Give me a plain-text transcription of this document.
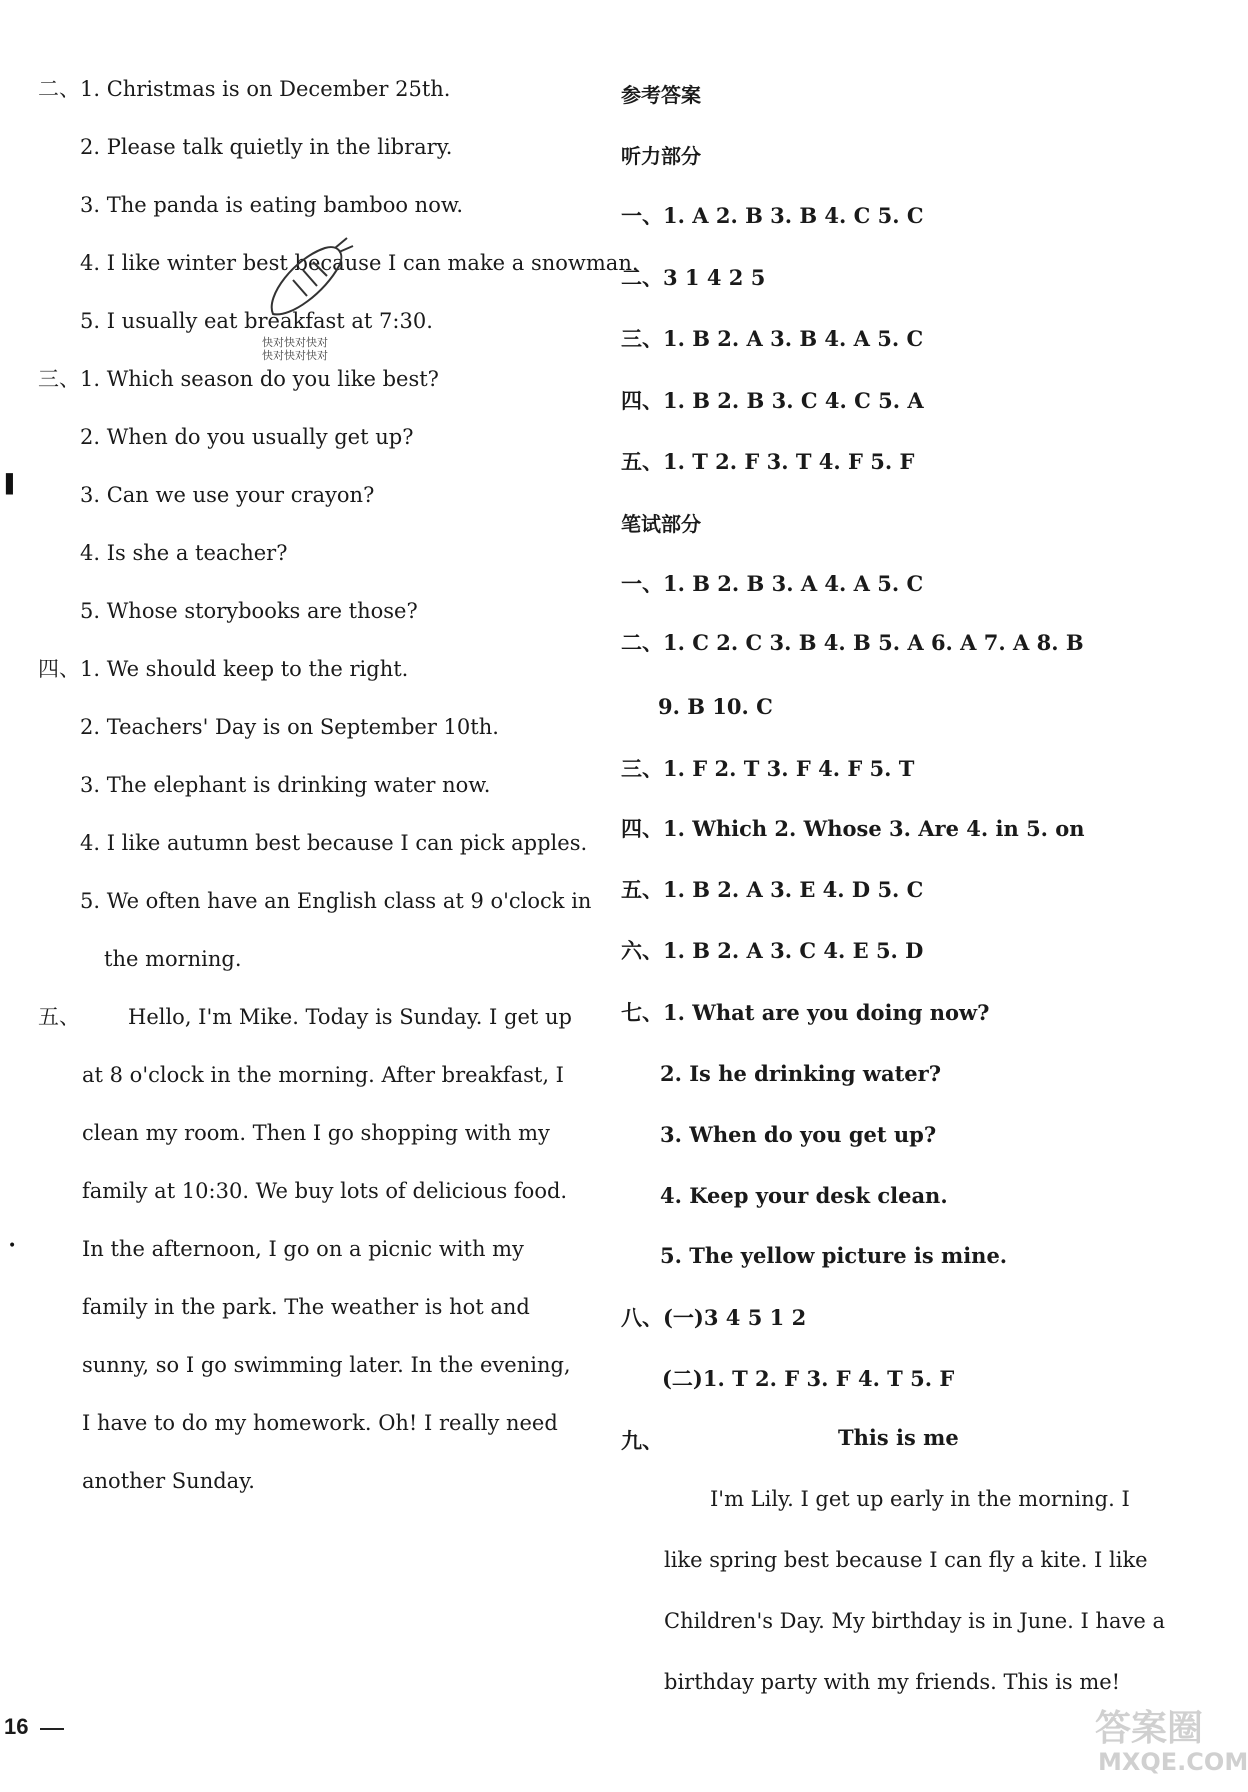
二、1. Christmas is on December 25th.
2. Please talk quietly in the library.
3. The panda is eating bamboo now.
4. I like winter best because I can make a snowman.
5. I usually eat breakfast at 7:30.
三、1. Which season do you like best?
2. When do you usually get up?
3. Can we use your crayon?
4. Is she a teacher?
5. Whose storybooks are those?
四、1. We should keep to the right.
2. Teachers' Day is on September 10th.
3. The elephant is drinking water now.
4. I like autumn best because I can pick apples.
5. We often have an English class at 9 o'clock in
the morning.
五、 Hello, I'm Mike. Today is Sunday. I get up
at 8 o'clock in the morning. After breakfast, I
clean my room. Then I go shopping with my
family at 10:30. We buy lots of delicious food.
In the afternoon, I go on a picnic with my
family in the park. The weather is hot and
sunny, so I go swimming later. In the evening,
I have to do my homework. Oh! I really need
another Sunday.
16
▌
•
快对快对快对
快对快对快对
参考答案
听力部分
一、1. A 2. B 3. B 4. C 5. C
二、3 1 4 2 5
三、1. B 2. A 3. B 4. A 5. C
四、1. B 2. B 3. C 4. C 5. A
五、1. T 2. F 3. T 4. F 5. F
笔试部分
一、1. B 2. B 3. A 4. A 5. C
二、1. C 2. C 3. B 4. B 5. A 6. A 7. A 8. B
9. B 10. C
三、1. F 2. T 3. F 4. F 5. T
四、1. Which 2. Whose 3. Are 4. in 5. on
五、1. B 2. A 3. E 4. D 5. C
六、1. B 2. A 3. C 4. E 5. D
七、1. What are you doing now?
2. Is he drinking water?
3. When do you get up?
4. Keep your desk clean.
5. The yellow picture is mine.
八、(一)3 4 5 1 2
(二)1. T 2. F 3. F 4. T 5. F
九、	This is me
I'm Lily. I get up early in the morning. I
like spring best because I can fly a kite. I like
Children's Day. My birthday is in June. I have a
birthday party with my friends. This is me!
答案圈
MXQE.COM
